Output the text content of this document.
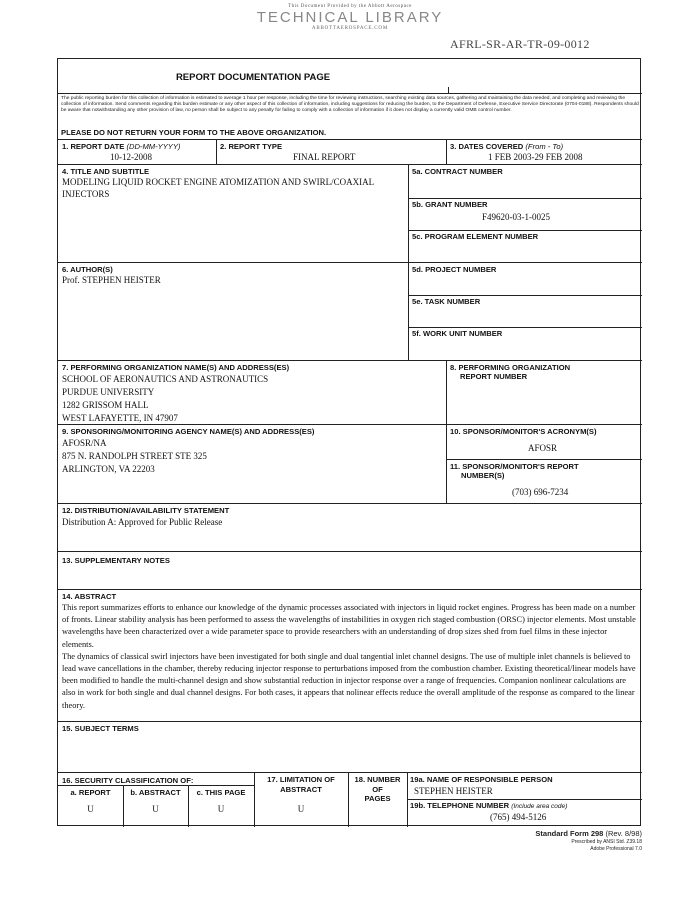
This Document Provided by the Abbott Aerospace
TECHNICAL LIBRARY
ABBOTTAEROSPACE.COM
AFRL-SR-AR-TR-09-0012
REPORT DOCUMENTATION PAGE
The public reporting burden for this collection of information is estimated to average 1 hour per response, including the time for reviewing instructions, searching existing data sources, gathering and maintaining the data needed, and completing and reviewing the collection of information. Send comments regarding this burden estimate or any other aspect of this collection of information, including suggestions for reducing the burden, to the Department of Defense, Executive Service Directorate (0704-0188). Respondents should be aware that notwithstanding any other provision of law, no person shall be subject to any penalty for failing to comply with a collection of information if it does not display a currently valid OMB control number.
PLEASE DO NOT RETURN YOUR FORM TO THE ABOVE ORGANIZATION.
1. REPORT DATE (DD-MM-YYYY)
10-12-2008
2. REPORT TYPE
FINAL REPORT
3. DATES COVERED (From - To)
1 FEB 2003-29 FEB 2008
4. TITLE AND SUBTITLE
MODELING LIQUID ROCKET ENGINE ATOMIZATION AND SWIRL/COAXIAL
INJECTORS
5a. CONTRACT NUMBER
5b. GRANT NUMBER
F49620-03-1-0025
5c. PROGRAM ELEMENT NUMBER
6. AUTHOR(S)
Prof. STEPHEN HEISTER
5d. PROJECT NUMBER
5e. TASK NUMBER
5f. WORK UNIT NUMBER
7. PERFORMING ORGANIZATION NAME(S) AND ADDRESS(ES)
SCHOOL OF AERONAUTICS AND ASTRONAUTICS
PURDUE UNIVERSITY
1282 GRISSOM HALL
WEST LAFAYETTE, IN 47907
8. PERFORMING ORGANIZATION
REPORT NUMBER
9. SPONSORING/MONITORING AGENCY NAME(S) AND ADDRESS(ES)
AFOSR/NA
875 N. RANDOLPH STREET STE 325
ARLINGTON, VA 22203
10. SPONSOR/MONITOR'S ACRONYM(S)
AFOSR
11. SPONSOR/MONITOR'S REPORT
NUMBER(S)
(703) 696-7234
12. DISTRIBUTION/AVAILABILITY STATEMENT
Distribution A: Approved for Public Release
13. SUPPLEMENTARY NOTES
14. ABSTRACT

This report summarizes efforts to enhance our knowledge of the dynamic processes associated with injectors in liquid rocket engines. Progress has been made on a number of fronts. Linear stability analysis has been performed to assess the wavelengths of instabilities in oxygen rich staged combustion (ORSC) injector elements. Most unstable wavelengths have been characterized over a wide parameter space to provide researchers with an understanding of drop sizes shed from fuel films in these injector elements.

The dynamics of classical swirl injectors have been investigated for both single and dual tangential inlet channel designs. The use of multiple inlet channels is believed to lead wave cancellations in the chamber, thereby reducing injector response to perturbations imposed from the combustion chamber. Existing theoretical/linear models have been modified to handle the multi-channel design and show substantial reduction in injector response over a range of frequencies. Companion nonlinear calculations are also in work for both single and dual channel designs. For both cases, it appears that nolinear effects reduce the overall amplitude of the response as compared to the linear theory.

15. SUBJECT TERMS
16. SECURITY CLASSIFICATION OF:
a. REPORT	b. ABSTRACT	c. THIS PAGE
U	U	U
17. LIMITATION OF
ABSTRACT
U
18. NUMBER
OF
PAGES
19a. NAME OF RESPONSIBLE PERSON
STEPHEN HEISTER
19b. TELEPHONE NUMBER (Include area code)
(765) 494-5126
Standard Form 298 (Rev. 8/98)
Prescribed by ANSI Std. Z39.18
Adobe Professional 7.0
